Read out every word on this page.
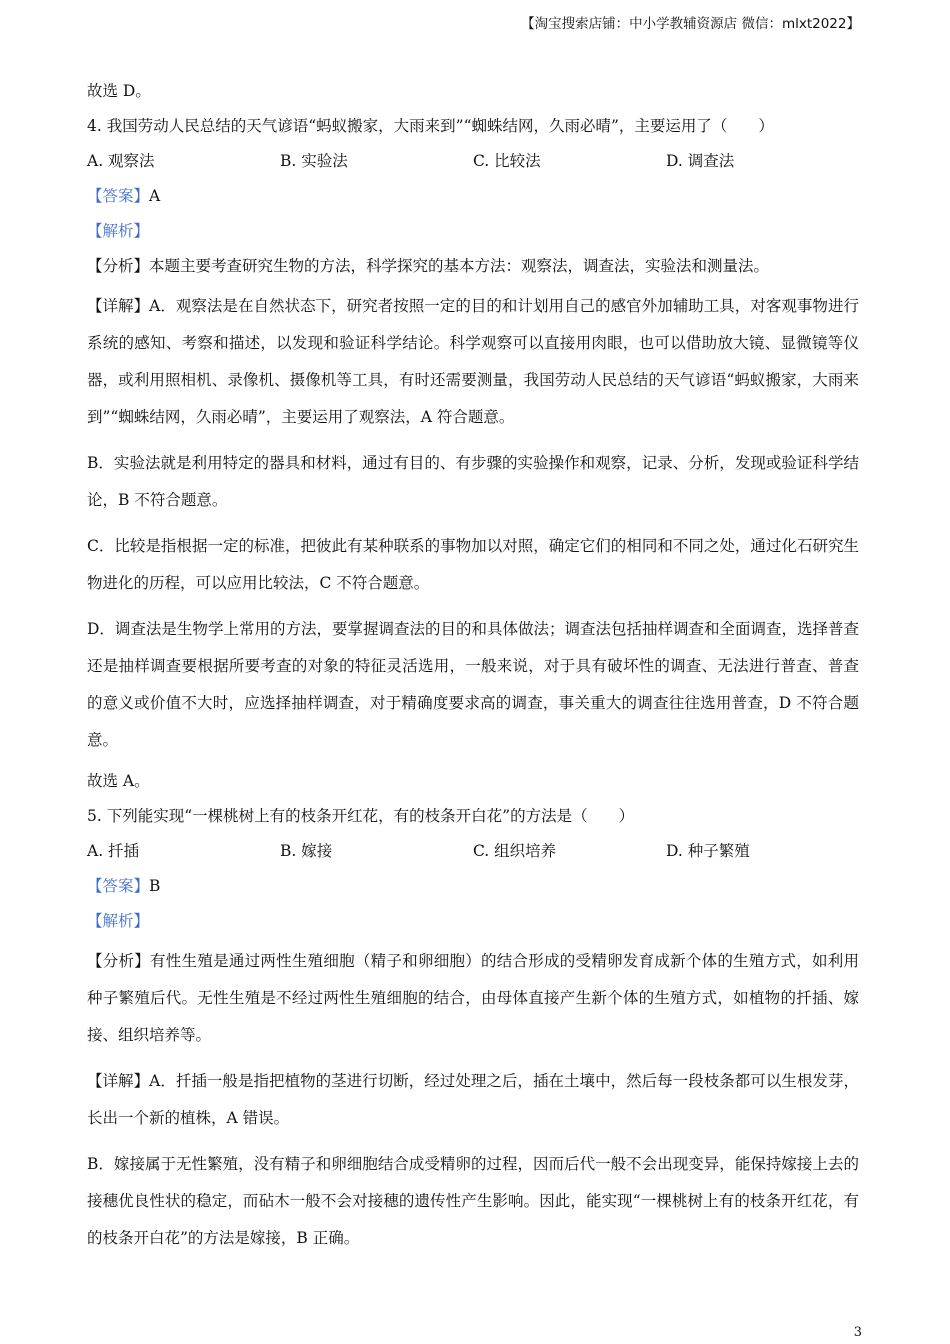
【淘宝搜索店铺：中小学教辅资源店 微信：mlxt2022】

故选 D。

4. 我国劳动人民总结的天气谚语“蚂蚁搬家，大雨来到”“蜘蛛结网，久雨必晴”，主要运用了（　　）

A. 观察法	B. 实验法	C. 比较法	D. 调查法

【答案】A

【解析】

【分析】本题主要考查研究生物的方法，科学探究的基本方法：观察法，调查法，实验法和测量法。

【详解】A．观察法是在自然状态下，研究者按照一定的目的和计划用自己的感官外加辅助工具，对客观事物进行系统的感知、考察和描述，以发现和验证科学结论。科学观察可以直接用肉眼，也可以借助放大镜、显微镜等仪器，或利用照相机、录像机、摄像机等工具，有时还需要测量，我国劳动人民总结的天气谚语“蚂蚁搬家，大雨来到”“蜘蛛结网，久雨必晴”，主要运用了观察法，A 符合题意。

B．实验法就是利用特定的器具和材料，通过有目的、有步骤的实验操作和观察，记录、分析，发现或验证科学结论，B 不符合题意。

C．比较是指根据一定的标准，把彼此有某种联系的事物加以对照，确定它们的相同和不同之处，通过化石研究生物进化的历程，可以应用比较法，C 不符合题意。

D．调查法是生物学上常用的方法，要掌握调查法的目的和具体做法；调查法包括抽样调查和全面调查，选择普查还是抽样调查要根据所要考查的对象的特征灵活选用，一般来说，对于具有破坏性的调查、无法进行普查、普查的意义或价值不大时，应选择抽样调查，对于精确度要求高的调查，事关重大的调查往往选用普查，D 不符合题意。

故选 A。

5. 下列能实现“一棵桃树上有的枝条开红花，有的枝条开白花”的方法是（　　）

A. 扦插	B. 嫁接	C. 组织培养	D. 种子繁殖

【答案】B

【解析】

【分析】有性生殖是通过两性生殖细胞（精子和卵细胞）的结合形成的受精卵发育成新个体的生殖方式，如利用种子繁殖后代。无性生殖是不经过两性生殖细胞的结合，由母体直接产生新个体的生殖方式，如植物的扦插、嫁接、组织培养等。

【详解】A．扦插一般是指把植物的茎进行切断，经过处理之后，插在土壤中，然后每一段枝条都可以生根发芽，长出一个新的植株，A 错误。

B．嫁接属于无性繁殖，没有精子和卵细胞结合成受精卵的过程，因而后代一般不会出现变异，能保持嫁接上去的接穗优良性状的稳定，而砧木一般不会对接穗的遗传性产生影响。因此，能实现“一棵桃树上有的枝条开红花，有的枝条开白花”的方法是嫁接，B 正确。

3
